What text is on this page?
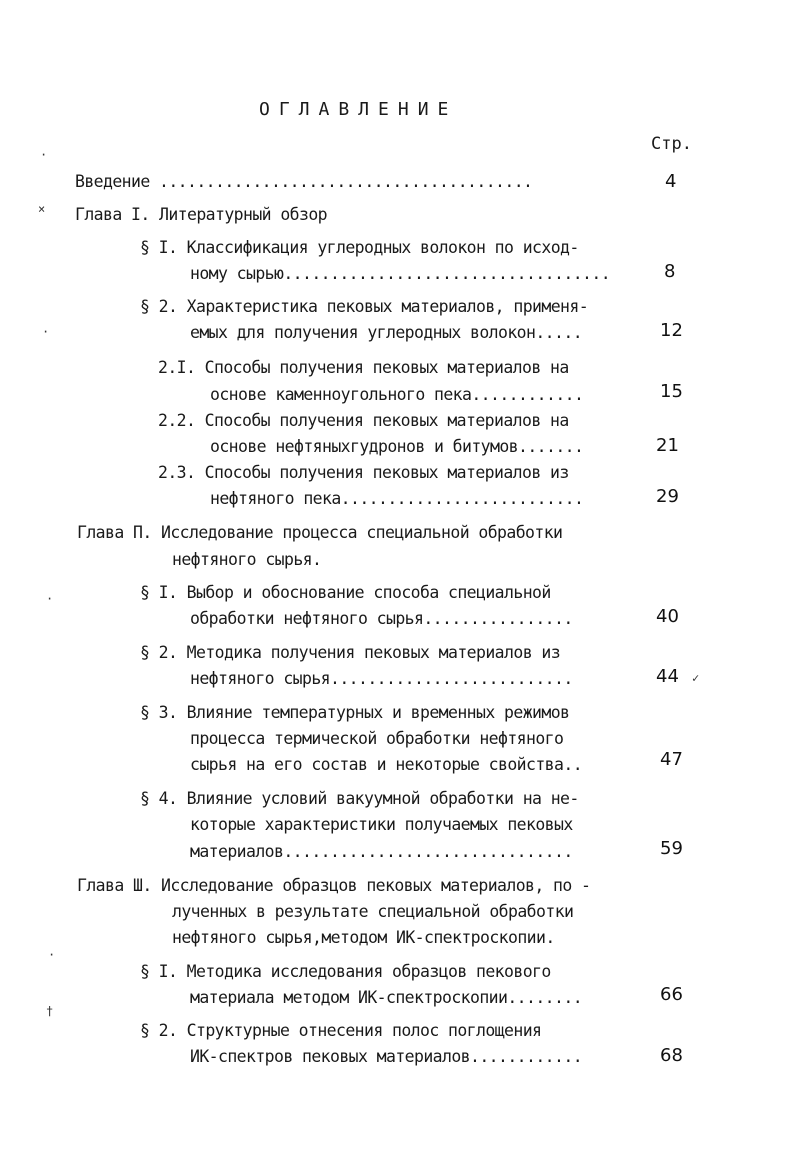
ОГЛАВЛЕНИЕ
Стр.
Введение ........................................
Глава I. Литературный обзор
§ I. Классификация углеродных волокон по исход-
ному сырью...................................
§ 2. Характеристика пековых материалов, применя-
емых для получения углеродных волокон.....
2.I. Способы получения пековых материалов на
основе каменноугольного пека............
2.2. Способы получения пековых материалов на
основе нефтяныхгудронов и битумов.......
2.3. Способы получения пековых материалов из
нефтяного пека..........................
Глава П. Исследование процесса специальной обработки
нефтяного сырья.
§ I. Выбор и обоснование способа специальной
обработки нефтяного сырья................
§ 2. Методика получения пековых материалов из
нефтяного сырья..........................
§ 3. Влияние температурных и временных режимов
процесса термической обработки нефтяного
сырья на его состав и некоторые свойства..
§ 4. Влияние условий вакуумной обработки на не-
которые характеристики получаемых пековых
материалов...............................
Глава Ш. Исследование образцов пековых материалов, по -
лученных в результате специальной обработки
нефтяного сырья,методом ИК-спектроскопии.
§ I. Методика исследования образцов пекового
материала методом ИК-спектроскопии........
§ 2. Структурные отнесения полос поглощения
ИК-спектров пековых материалов............
4
8
12
15
21
29
40
44
47
59
66
68
·
×
·
·
✓
·
†
